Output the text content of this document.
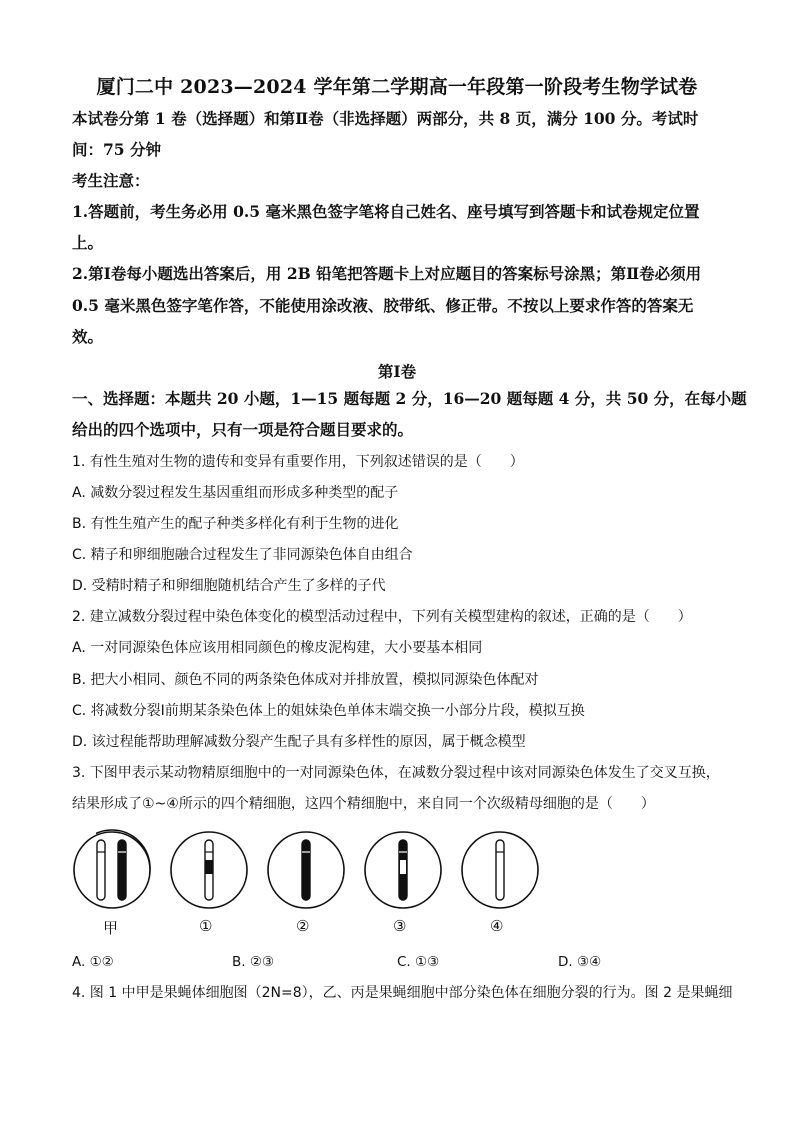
厦门二中 2023—2024 学年第二学期高一年段第一阶段考生物学试卷
本试卷分第 1 卷（选择题）和第Ⅱ卷（非选择题）两部分，共 8 页，满分 100 分。考试时
间：75 分钟
考生注意：
1.答题前，考生务必用 0.5 毫米黑色签字笔将自己姓名、座号填写到答题卡和试卷规定位置
上。
2.第Ⅰ卷每小题选出答案后，用 2B 铅笔把答题卡上对应题目的答案标号涂黑；第Ⅱ卷必须用
0.5 毫米黑色签字笔作答，不能使用涂改液、胶带纸、修正带。不按以上要求作答的答案无
效。
第Ⅰ卷
一、选择题：本题共 20 小题，1—15 题每题 2 分，16—20 题每题 4 分，共 50 分，在每小题
给出的四个选项中，只有一项是符合题目要求的。
1. 有性生殖对生物的遗传和变异有重要作用，下列叙述错误的是（　　）
A. 减数分裂过程发生基因重组而形成多种类型的配子
B. 有性生殖产生的配子种类多样化有利于生物的进化
C. 精子和卵细胞融合过程发生了非同源染色体自由组合
D. 受精时精子和卵细胞随机结合产生了多样的子代
2. 建立减数分裂过程中染色体变化的模型活动过程中，下列有关模型建构的叙述，正确的是（　　）
A. 一对同源染色体应该用相同颜色的橡皮泥构建，大小要基本相同
B. 把大小相同、颜色不同的两条染色体成对并排放置，模拟同源染色体配对
C. 将减数分裂Ⅰ前期某条染色体上的姐妹染色单体末端交换一小部分片段，模拟互换
D. 该过程能帮助理解减数分裂产生配子具有多样性的原因，属于概念模型
3. 下图甲表示某动物精原细胞中的一对同源染色体，在减数分裂过程中该对同源染色体发生了交叉互换，
结果形成了①~④所示的四个精细胞，这四个精细胞中，来自同一个次级精母细胞的是（　　）
甲	①	②	③	④
A. ①②	B. ②③	C. ①③	D. ③④
4. 图 1 中甲是果蝇体细胞图（2N=8），乙、丙是果蝇细胞中部分染色体在细胞分裂的行为。图 2 是果蝇细
